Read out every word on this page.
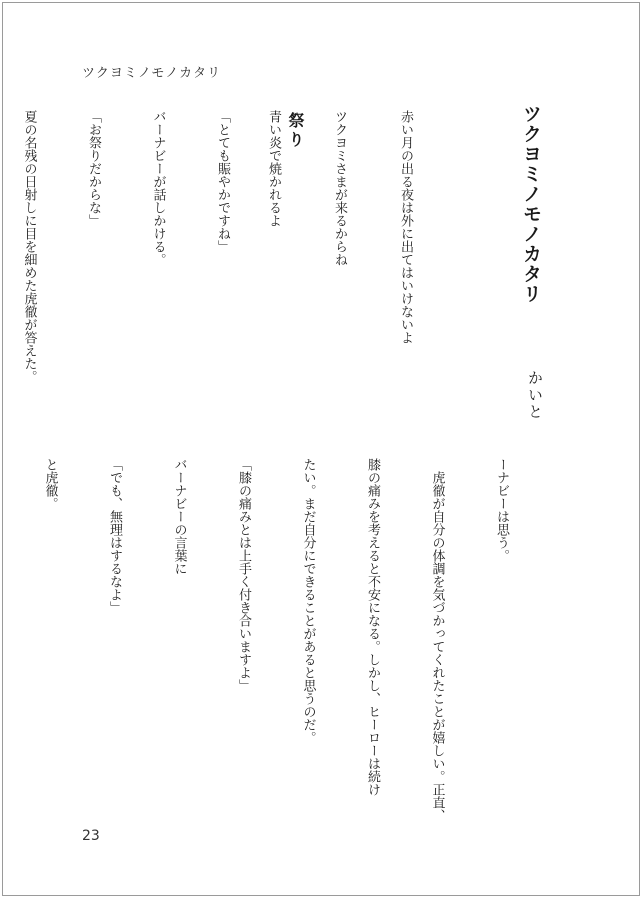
ツクヨミノモノカタリ
ツクヨミノモノカタリ
かいと

赤い月の出る夜は外に出てはいけないよ

ツクヨミさまが来るからね

青い炎で焼かれるよ 祭り

「とても賑やかですね」

バーナビーが話しかける。

「お祭りだからな」

夏の名残の日射しに目を細めた虎徹が答えた。

ーナビーは思う。

　虎徹が自分の体調を気づかってくれたことが嬉しい。正直、

膝の痛みを考えると不安になる。しかし、ヒーローは続け

たい。まだ自分にできることがあると思うのだ。

「膝の痛みとは上手く付き合いますよ」

バーナビーの言葉に

「でも、無理はするなよ」

と虎徹。

23
